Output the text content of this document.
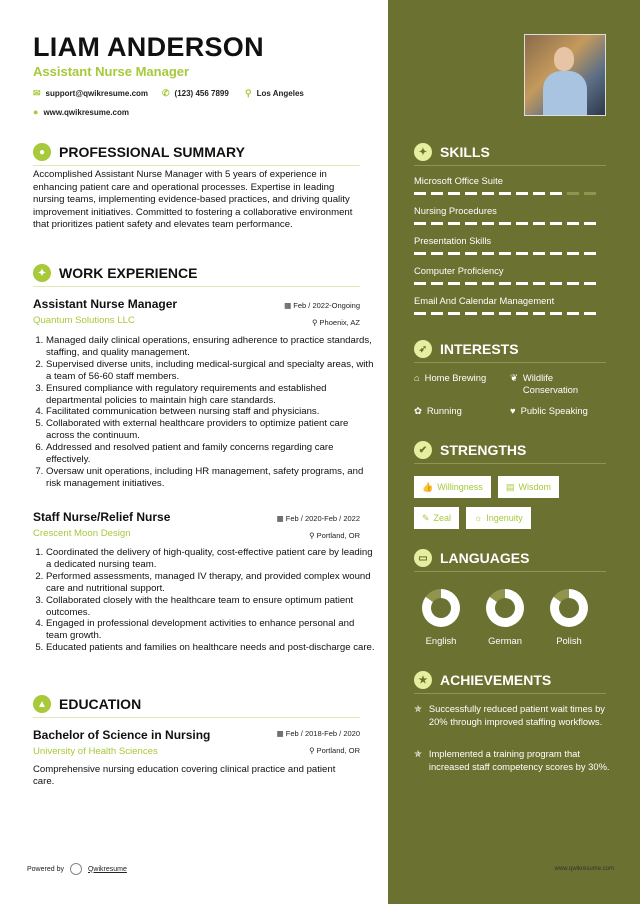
LIAM ANDERSON
Assistant Nurse Manager
✉ support@qwikresume.com ✆ (123) 456 7899 ⚲ Los Angeles
● www.qwikresume.com
● PROFESSIONAL SUMMARY
Accomplished Assistant Nurse Manager with 5 years of experience in enhancing patient care and operational processes. Expertise in leading nursing teams, implementing evidence-based practices, and driving quality improvement initiatives. Committed to fostering a collaborative environment that prioritizes patient safety and elevates team performance.
✦ WORK EXPERIENCE
Assistant Nurse Manager	▦ Feb / 2022-Ongoing
Quantum Solutions LLC	⚲ Phoenix, AZ
1. Managed daily clinical operations, ensuring adherence to practice standards, staffing, and quality management.
2. Supervised diverse units, including medical-surgical and specialty areas, with a team of 56-60 staff members.
3. Ensured compliance with regulatory requirements and established departmental policies to maintain high care standards.
4. Facilitated communication between nursing staff and physicians.
5. Collaborated with external healthcare providers to optimize patient care across the continuum.
6. Addressed and resolved patient and family concerns regarding care effectively.
7. Oversaw unit operations, including HR management, safety programs, and risk management initiatives.
Staff Nurse/Relief Nurse	▦ Feb / 2020-Feb / 2022
Crescent Moon Design	⚲ Portland, OR
1. Coordinated the delivery of high-quality, cost-effective patient care by leading a dedicated nursing team.
2. Performed assessments, managed IV therapy, and provided complex wound care and nutritional support.
3. Collaborated closely with the healthcare team to ensure optimum patient outcomes.
4. Engaged in professional development activities to enhance personal and team growth.
5. Educated patients and families on healthcare needs and post-discharge care.
▲ EDUCATION
Bachelor of Science in Nursing	▦ Feb / 2018-Feb / 2020
University of Health Sciences	⚲ Portland, OR
Comprehensive nursing education covering clinical practice and patient care.
Powered by	Qwikresume
✦ SKILLS
➶ INTERESTS
⌂ Home Brewing	❦ Wildlife Conservation
✿ Running	♥ Public Speaking
✔ STRENGTHS
👍 Willingness	▤ Wisdom
✎ Zeal	☼ Ingenuity
▭ LANGUAGES
★ ACHIEVEMENTS
✯ Successfully reduced patient wait times by 20% through improved staffing workflows.
✯ Implemented a training program that increased staff competency scores by 30%.
www.qwikresume.com
Microsoft Office Suite
Nursing Procedures
Presentation Skills
Computer Proficiency
Email And Calendar Management
English	German	Polish
